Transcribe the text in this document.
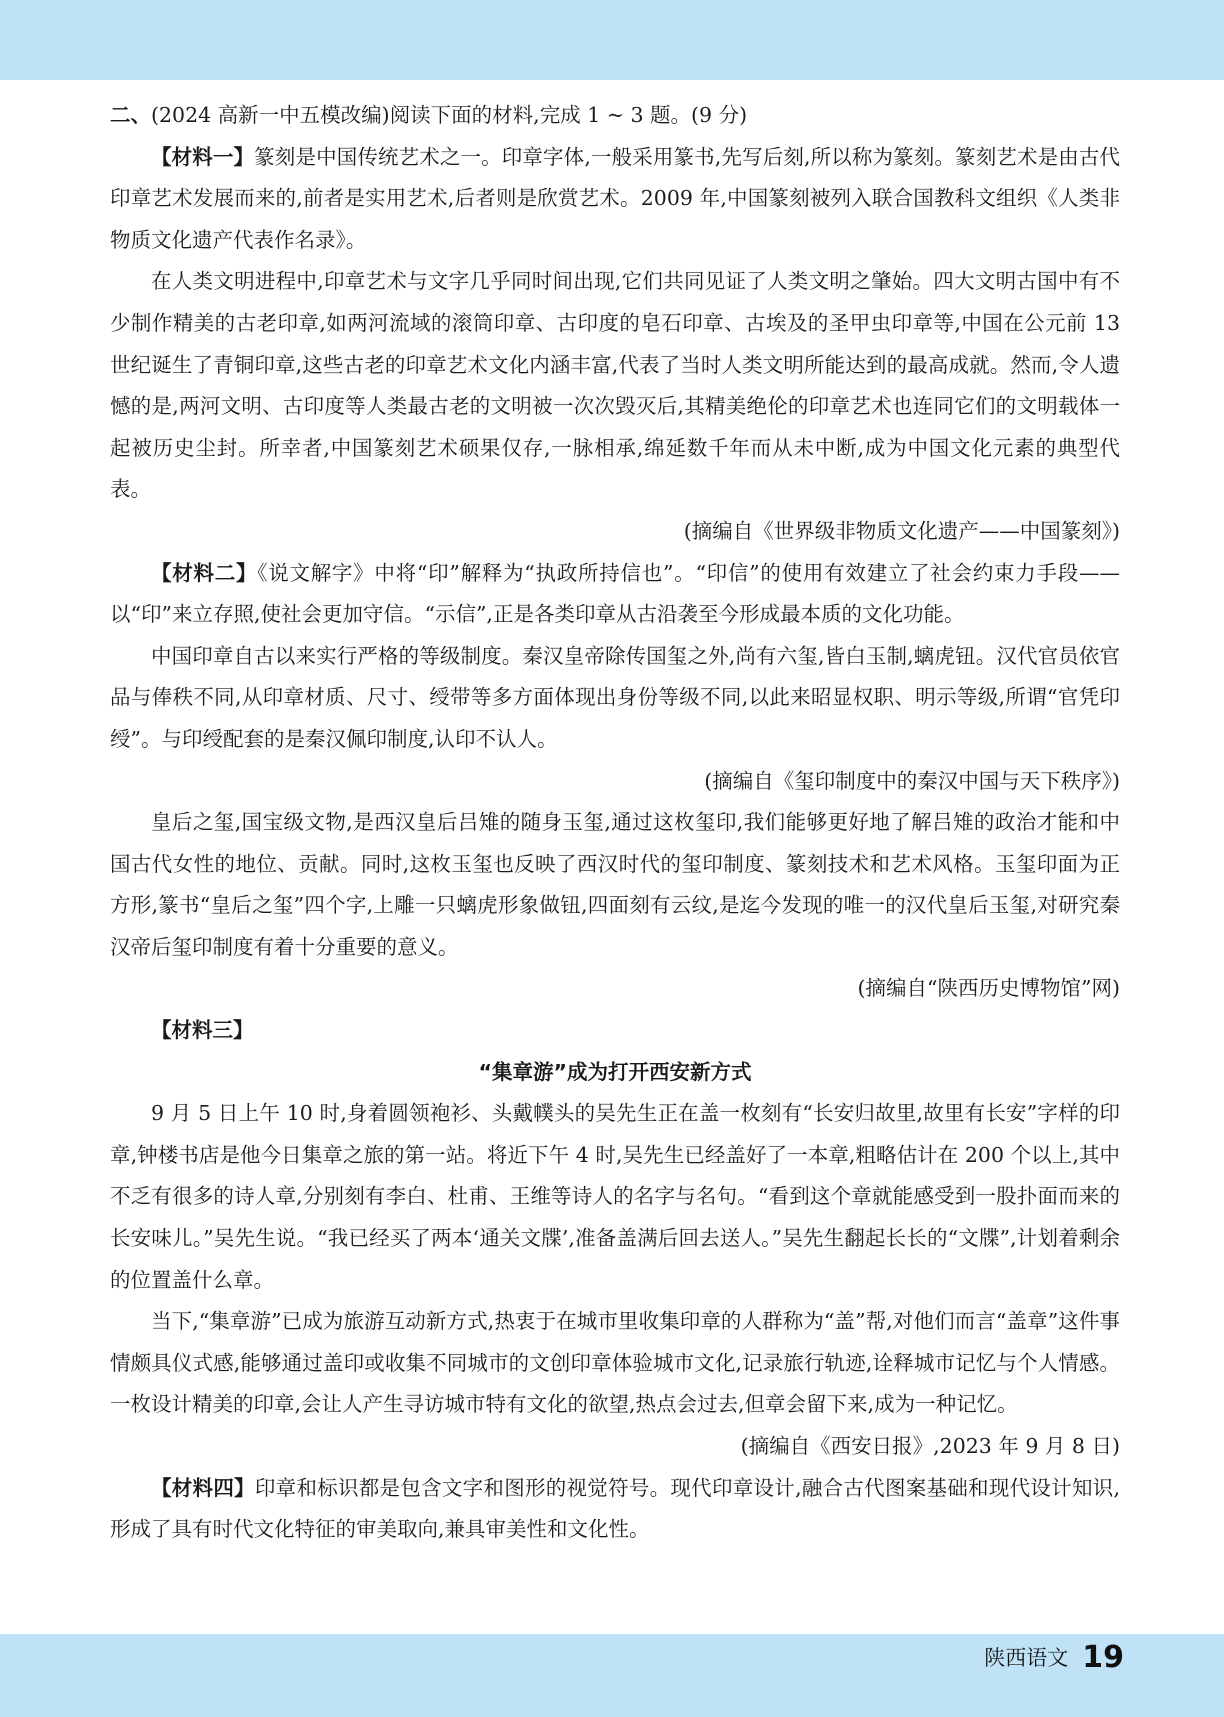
二、(2024 高新一中五模改编)阅读下面的材料,完成 1 ~ 3 题。(9 分)

【材料一】篆刻是中国传统艺术之一。印章字体,一般采用篆书,先写后刻,所以称为篆刻。篆刻艺术是由古代印章艺术发展而来的,前者是实用艺术,后者则是欣赏艺术。2009 年,中国篆刻被列入联合国教科文组织《人类非物质文化遗产代表作名录》。

在人类文明进程中,印章艺术与文字几乎同时间出现,它们共同见证了人类文明之肇始。四大文明古国中有不少制作精美的古老印章,如两河流域的滚筒印章、古印度的皂石印章、古埃及的圣甲虫印章等,中国在公元前 13 世纪诞生了青铜印章,这些古老的印章艺术文化内涵丰富,代表了当时人类文明所能达到的最高成就。然而,令人遗憾的是,两河文明、古印度等人类最古老的文明被一次次毁灭后,其精美绝伦的印章艺术也连同它们的文明载体一起被历史尘封。所幸者,中国篆刻艺术硕果仅存,一脉相承,绵延数千年而从未中断,成为中国文化元素的典型代表。

(摘编自《世界级非物质文化遗产——中国篆刻》)

【材料二】《说文解字》中将“印”解释为“执政所持信也”。“印信”的使用有效建立了社会约束力手段——以“印”来立存照,使社会更加守信。“示信”,正是各类印章从古沿袭至今形成最本质的文化功能。

中国印章自古以来实行严格的等级制度。秦汉皇帝除传国玺之外,尚有六玺,皆白玉制,螭虎钮。汉代官员依官品与俸秩不同,从印章材质、尺寸、绶带等多方面体现出身份等级不同,以此来昭显权职、明示等级,所谓“官凭印绶”。与印绶配套的是秦汉佩印制度,认印不认人。

(摘编自《玺印制度中的秦汉中国与天下秩序》)

皇后之玺,国宝级文物,是西汉皇后吕雉的随身玉玺,通过这枚玺印,我们能够更好地了解吕雉的政治才能和中国古代女性的地位、贡献。同时,这枚玉玺也反映了西汉时代的玺印制度、篆刻技术和艺术风格。玉玺印面为正方形,篆书“皇后之玺”四个字,上雕一只螭虎形象做钮,四面刻有云纹,是迄今发现的唯一的汉代皇后玉玺,对研究秦汉帝后玺印制度有着十分重要的意义。

(摘编自“陕西历史博物馆”网)

【材料三】

“集章游”成为打开西安新方式

9 月 5 日上午 10 时,身着圆领袍衫、头戴幞头的吴先生正在盖一枚刻有“长安归故里,故里有长安”字样的印章,钟楼书店是他今日集章之旅的第一站。将近下午 4 时,吴先生已经盖好了一本章,粗略估计在 200 个以上,其中不乏有很多的诗人章,分别刻有李白、杜甫、王维等诗人的名字与名句。“看到这个章就能感受到一股扑面而来的长安味儿。”吴先生说。“我已经买了两本‘通关文牒’,准备盖满后回去送人。”吴先生翻起长长的“文牒”,计划着剩余的位置盖什么章。

当下,“集章游”已成为旅游互动新方式,热衷于在城市里收集印章的人群称为“盖”帮,对他们而言“盖章”这件事情颇具仪式感,能够通过盖印或收集不同城市的文创印章体验城市文化,记录旅行轨迹,诠释城市记忆与个人情感。一枚设计精美的印章,会让人产生寻访城市特有文化的欲望,热点会过去,但章会留下来,成为一种记忆。

(摘编自《西安日报》,2023 年 9 月 8 日)

【材料四】印章和标识都是包含文字和图形的视觉符号。现代印章设计,融合古代图案基础和现代设计知识,形成了具有时代文化特征的审美取向,兼具审美性和文化性。

陕西语文 19
